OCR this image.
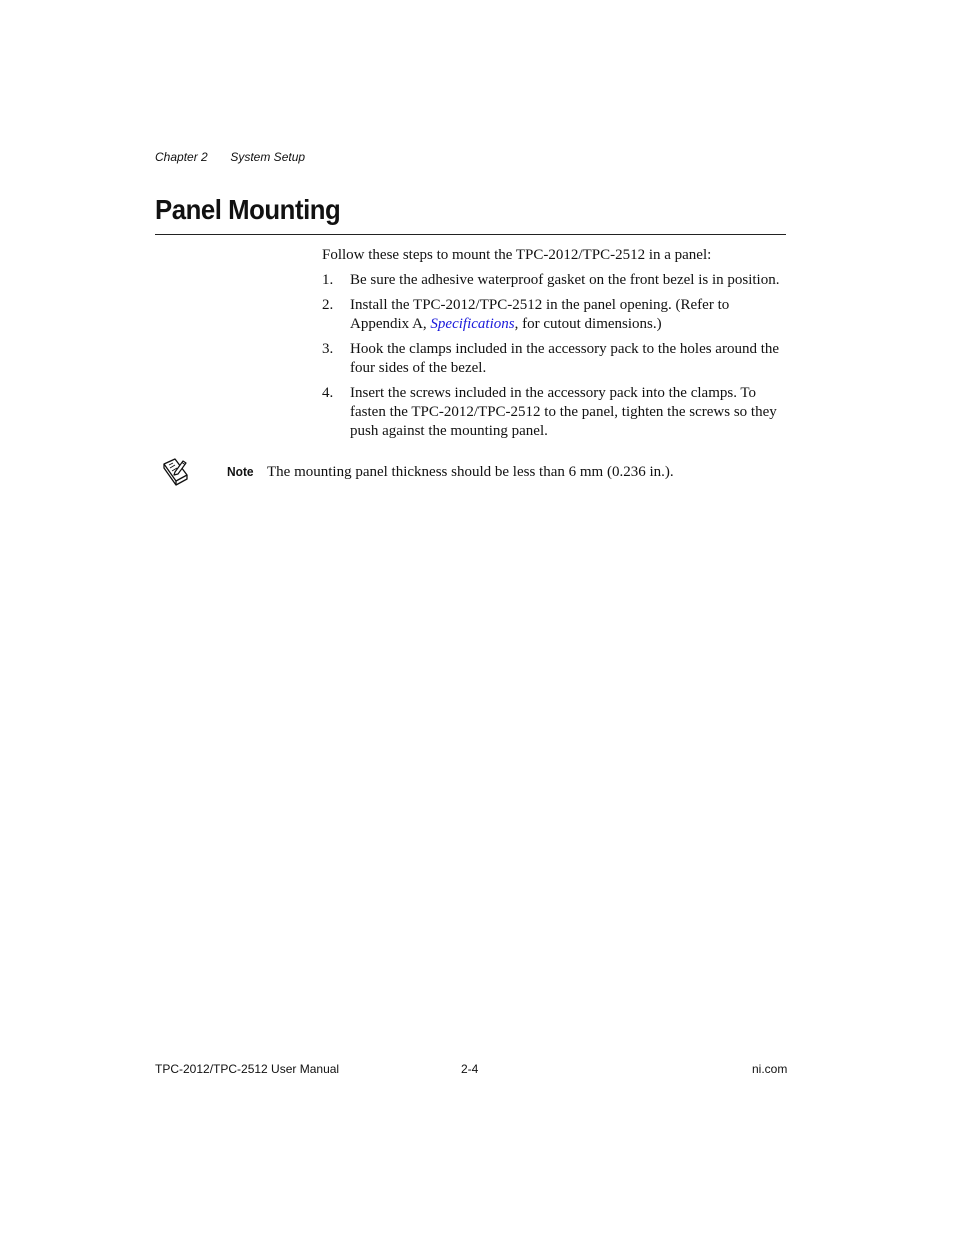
Chapter 2 System Setup
Panel Mounting

Follow these steps to mount the TPC-2012/TPC-2512 in a panel:

1. Be sure the adhesive waterproof gasket on the front bezel is in position.
2. Install the TPC-2012/TPC-2512 in the panel opening. (Refer to Appendix A, Specifications, for cutout dimensions.)
3. Hook the clamps included in the accessory pack to the holes around the four sides of the bezel.
4. Insert the screws included in the accessory pack into the clamps. To fasten the TPC-2012/TPC-2512 to the panel, tighten the screws so they push against the mounting panel.
Note The mounting panel thickness should be less than 6 mm (0.236 in.).
TPC-2012/TPC-2512 User Manual	2-4	ni.com
